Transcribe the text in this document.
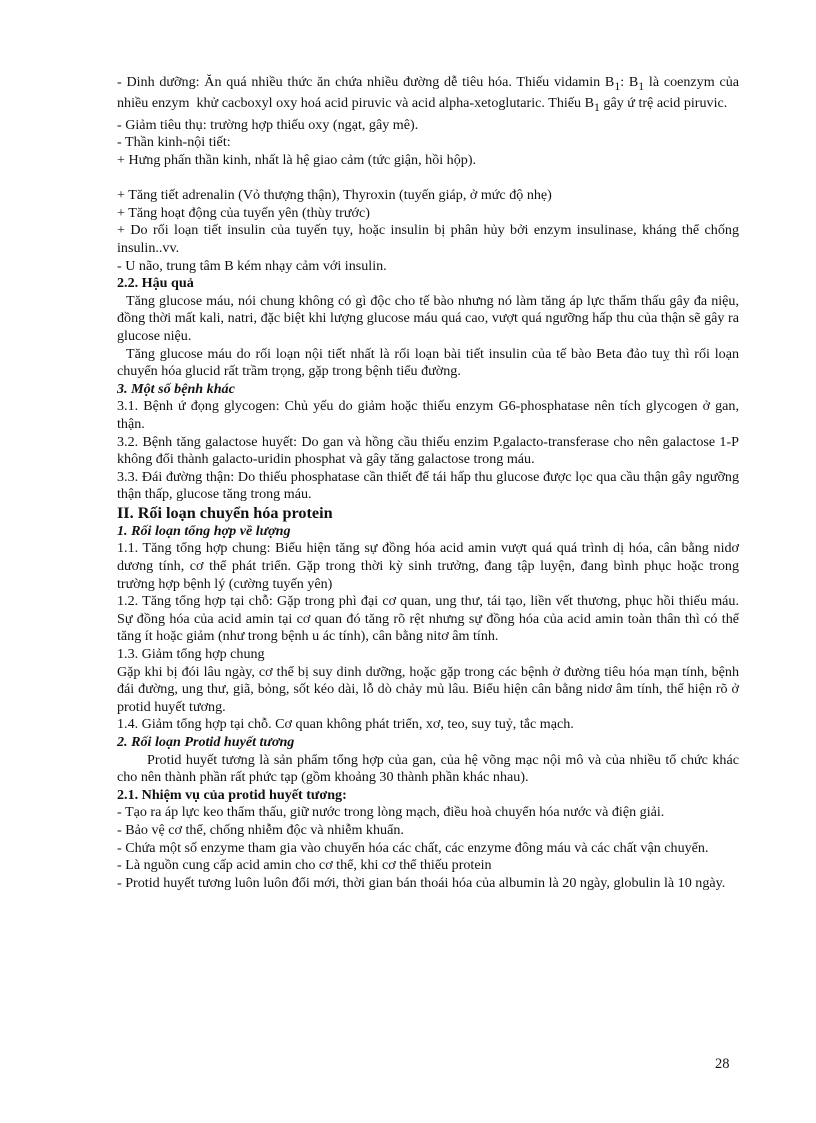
- Dinh dưỡng: Ăn quá nhiều thức ăn chứa nhiều đường dễ tiêu hóa. Thiếu vidamin $B_1$: $B_1$ là coenzym của nhiều enzym  khử cacboxyl oxy hoá acid piruvic và acid alpha-xetoglutaric. Thiếu $B_1$ gây ứ trệ acid piruvic.

- Giảm tiêu thụ: trường hợp thiếu oxy (ngạt, gây mê).

- Thần kinh-nội tiết:

+ Hưng phấn thần kinh, nhất là hệ giao cảm (tức giận, hồi hộp).

+ Tăng tiết adrenalin (Vỏ thượng thận), Thyroxin (tuyến giáp, ở mức độ nhẹ)

+ Tăng hoạt động của tuyến yên (thùy trước)

+ Do rối loạn tiết insulin của tuyến tụy, hoặc insulin bị phân hủy bởi enzym insulinase, kháng thể chống insulin..vv.

- U não, trung tâm B kém nhạy cảm với insulin.

2.2. Hậu quả

Tăng glucose máu, nói chung không có gì độc cho tế bào nhưng nó làm tăng áp lực thẩm thấu gây đa niệu, đồng thời mất kali, natri, đặc biệt khi lượng glucose máu quá cao, vượt quá ngưỡng hấp thu của thận sẽ gây ra glucose niệu.

Tăng glucose máu do rối loạn nội tiết nhất là rối loạn bài tiết insulin của tế bào Beta đảo tuỵ thì rối loạn chuyển hóa glucid rất trầm trọng, gặp trong bệnh tiểu đường.

3. Một số bệnh khác

3.1. Bệnh ứ đọng glycogen: Chủ yếu do giảm hoặc thiếu enzym G6-phosphatase nên tích glycogen ở gan, thận.

3.2. Bệnh tăng galactose huyết: Do gan và hồng cầu thiếu enzim P.galacto-transferase cho nên galactose 1-P không đổi thành galacto-uridin phosphat và gây tăng galactose trong máu.

3.3. Đái đường thận: Do thiếu phosphatase cần thiết để tái hấp thu glucose được lọc qua cầu thận gây ngưỡng thận thấp, glucose tăng trong máu.

II. Rối loạn chuyển hóa protein

1. Rối loạn tổng hợp về lượng

1.1. Tăng tổng hợp chung: Biểu hiện tăng sự đồng hóa acid amin vượt quá quá trình dị hóa, cân bằng nidơ dương tính, cơ thể phát triển. Gặp trong thời kỳ sinh trưởng, đang tập luyện, đang bình phục hoặc trong trường hợp bệnh lý (cường tuyến yên)

1.2. Tăng tổng hợp tại chỗ: Gặp trong phì đại cơ quan, ung thư, tái tạo, liền vết thương, phục hồi thiếu máu. Sự đồng hóa của acid amin tại cơ quan đó tăng rõ rệt nhưng sự đồng hóa của acid amin toàn thân thì có thể tăng ít hoặc giảm (như trong bệnh u ác tính), cân bằng nitơ âm tính.

1.3. Giảm tổng hợp chung

Gặp khi bị đói lâu ngày, cơ thể bị suy dinh dưỡng, hoặc gặp trong các bệnh ở đường tiêu hóa mạn tính, bệnh đái đường, ung thư, giã, bỏng, sốt kéo dài, lỗ dò chảy mủ lâu. Biểu hiện cân bằng nidơ âm tính, thể hiện rõ ở protid huyết tương.

1.4. Giảm tổng hợp tại chỗ. Cơ quan không phát triển, xơ, teo, suy tuỷ, tắc mạch.

2. Rối loạn Protid huyết tương

Protid huyết tương là sản phẩm tổng hợp của gan, của hệ võng mạc nội mô và của nhiều tổ chức khác cho nên thành phần rất phức tạp (gồm khoảng 30 thành phần khác nhau).

2.1. Nhiệm vụ của protid huyết tương:

- Tạo ra áp lực keo thẩm thấu, giữ nước trong lòng mạch, điều hoà chuyển hóa nước và điện giải.

- Bảo vệ cơ thể, chống nhiễm độc và nhiễm khuẩn.

- Chứa một số enzyme tham gia vào chuyển hóa các chất, các enzyme đông máu và các chất vận chuyển.

- Là nguồn cung cấp acid amin cho cơ thể, khi cơ thể thiếu protein

- Protid huyết tương luôn luôn đổi mới, thời gian bán thoái hóa của albumin là 20 ngày, globulin là 10 ngày.

28
